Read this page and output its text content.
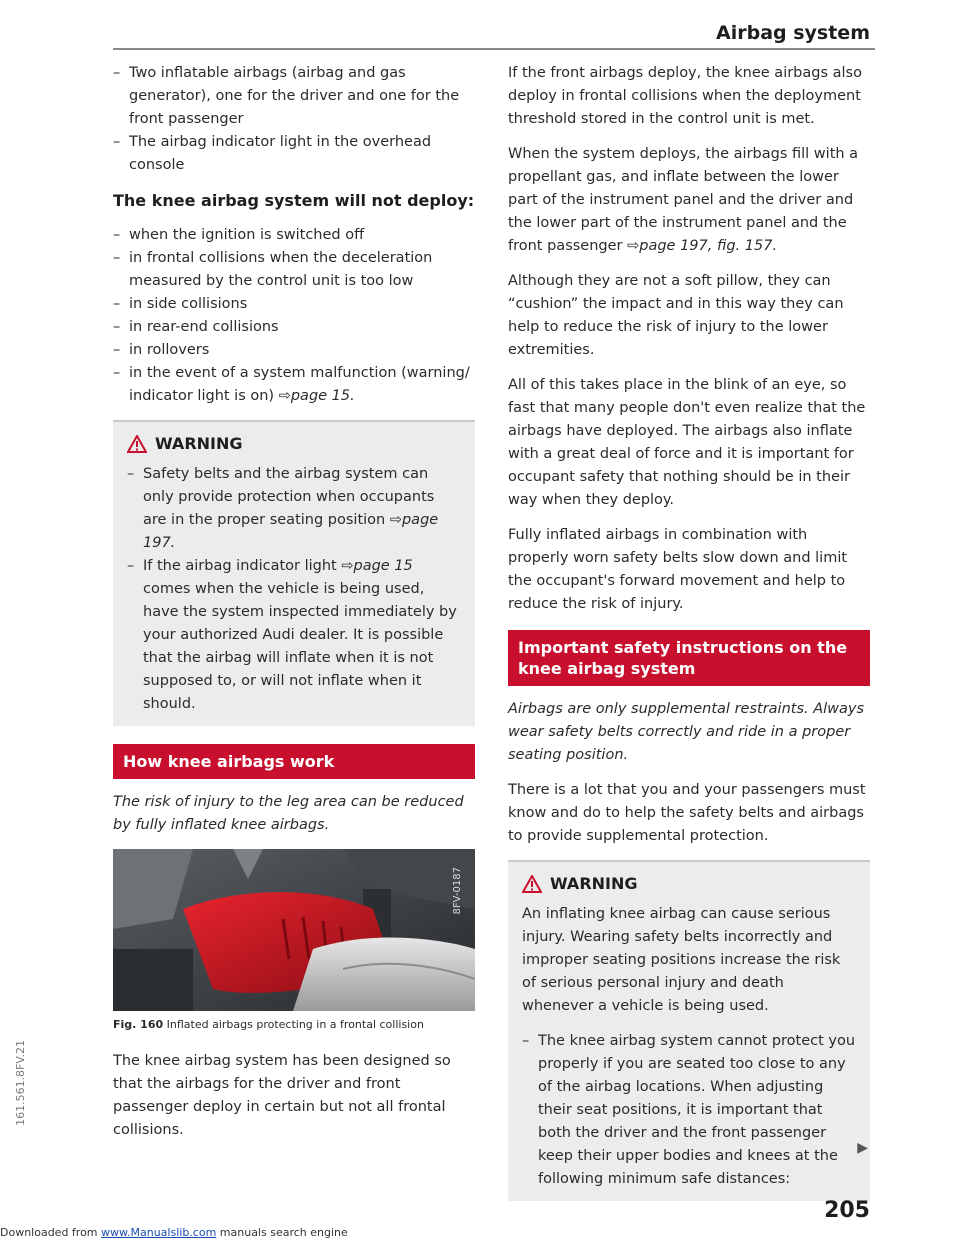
Airbag system
– Two inflatable airbags (airbag and gas generator), one for the driver and one for the front passenger
– The airbag indicator light in the overhead console
The knee airbag system will not deploy:
– when the ignition is switched off
– in frontal collisions when the deceleration measured by the control unit is too low
– in side collisions
– in rear-end collisions
– in rollovers
– in the event of a system malfunction (warning/ indicator light is on) ⇨page 15.
WARNING
– Safety belts and the airbag system can only provide protection when occupants are in the proper seating position ⇨page 197.
– If the airbag indicator light ⇨page 15 comes when the vehicle is being used, have the system inspected immediately by your authorized Audi dealer. It is possible that the airbag will inflate when it is not supposed to, or will not inflate when it should.
How knee airbags work
The risk of injury to the leg area can be reduced by fully inflated knee airbags.
8FV-0187
Fig. 160 Inflated airbags protecting in a frontal collision
The knee airbag system has been designed so that the airbags for the driver and front passenger deploy in certain but not all frontal collisions.
If the front airbags deploy, the knee airbags also deploy in frontal collisions when the deployment threshold stored in the control unit is met.
When the system deploys, the airbags fill with a propellant gas, and inflate between the lower part of the instrument panel and the driver and the lower part of the instrument panel and the front passenger ⇨page 197, fig. 157.
Although they are not a soft pillow, they can “cushion” the impact and in this way they can help to reduce the risk of injury to the lower extremities.
All of this takes place in the blink of an eye, so fast that many people don't even realize that the airbags have deployed. The airbags also inflate with a great deal of force and it is important for occupant safety that nothing should be in their way when they deploy.
Fully inflated airbags in combination with properly worn safety belts slow down and limit the occupant's forward movement and help to reduce the risk of injury.
Important safety instructions on the knee airbag system
Airbags are only supplemental restraints. Always wear safety belts correctly and ride in a proper seating position.
There is a lot that you and your passengers must know and do to help the safety belts and airbags to provide supplemental protection.
WARNING
An inflating knee airbag can cause serious injury. Wearing safety belts incorrectly and improper seating positions increase the risk of serious personal injury and death whenever a vehicle is being used.
– The knee airbag system cannot protect you properly if you are seated too close to any of the airbag locations. When adjusting their seat positions, it is important that both the driver and the front passenger keep their upper bodies and knees at the following minimum safe distances:
▶
205
161.561.8FV.21
Downloaded from www.Manualslib.com manuals search engine
